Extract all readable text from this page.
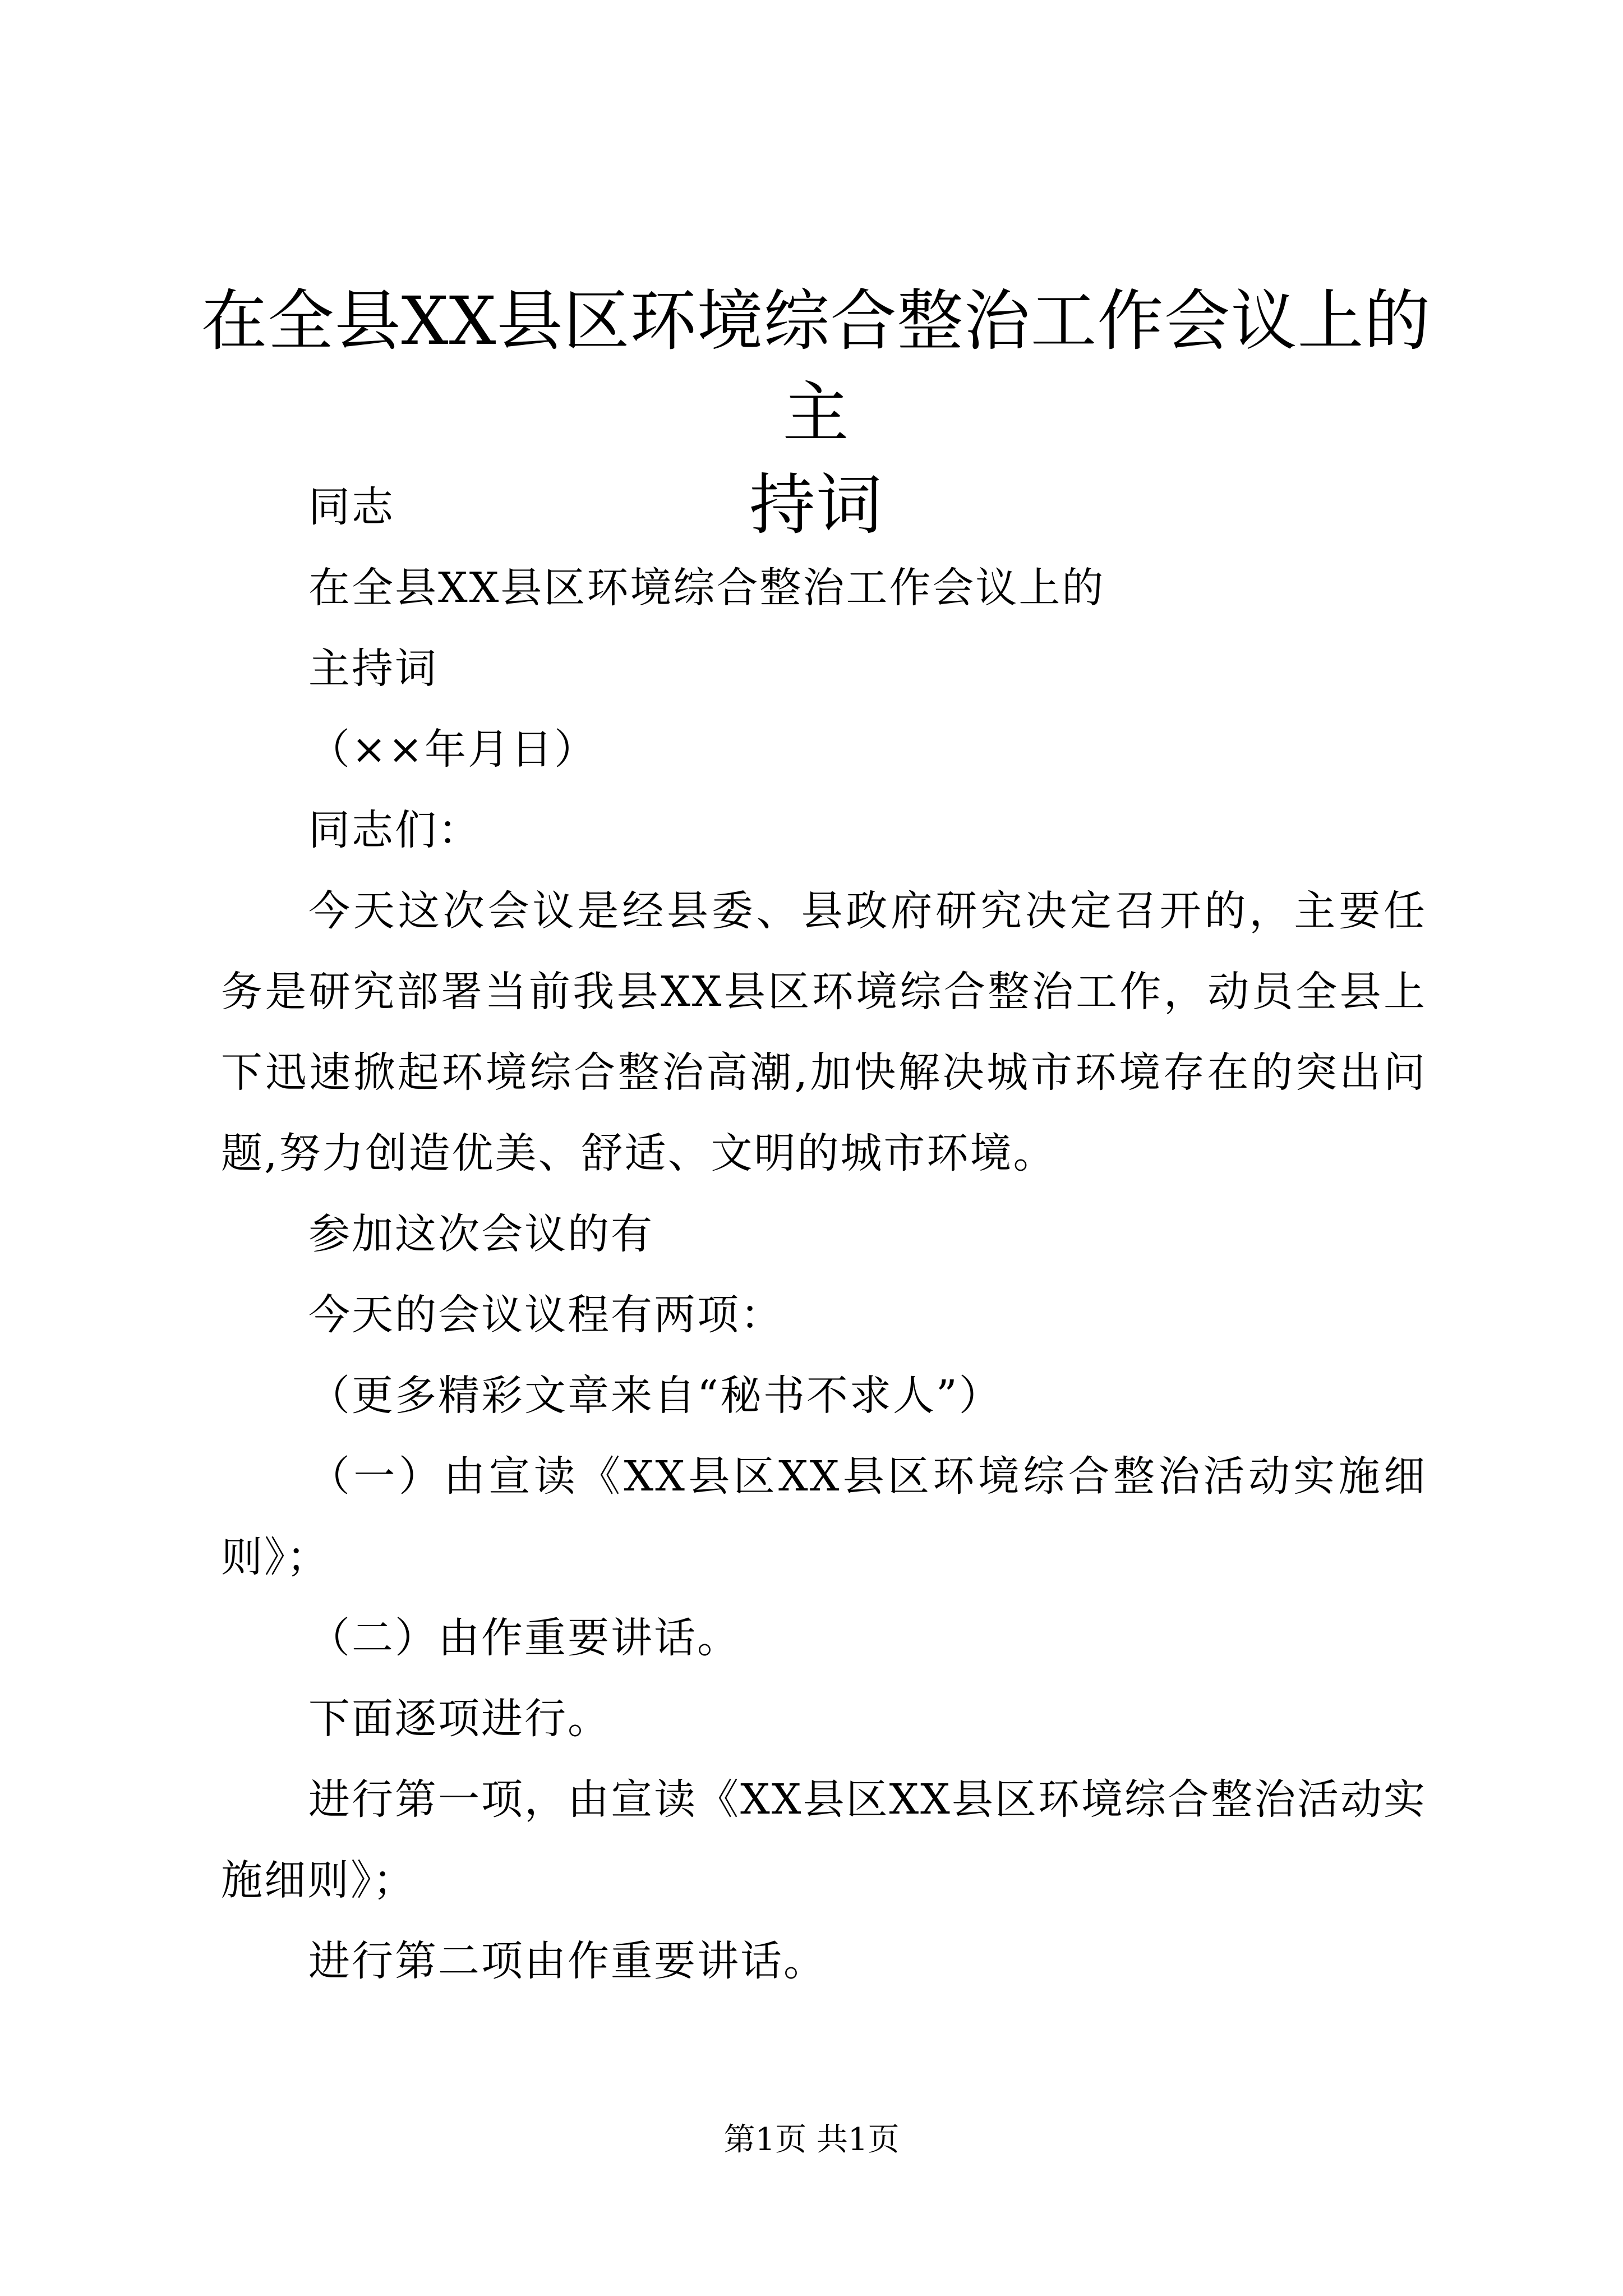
在全县XX县区环境综合整治工作会议上的主
持词

同志

在全县XX县区环境综合整治工作会议上的

主持词

（××年月日）

同志们：

今天这次会议是经县委、县政府研究决定召开的，主要任务是研究部署当前我县XX县区环境综合整治工作，动员全县上下迅速掀起环境综合整治高潮,加快解决城市环境存在的突出问题,努力创造优美、舒适、文明的城市环境。

参加这次会议的有

今天的会议议程有两项：

（更多精彩文章来自“秘书不求人”）

（一）由宣读《XX县区XX县区环境综合整治活动实施细则》；

（二）由作重要讲话。

下面逐项进行。

进行第一项，由宣读《XX县区XX县区环境综合整治活动实施细则》；

进行第二项由作重要讲话。

第1页 共1页
